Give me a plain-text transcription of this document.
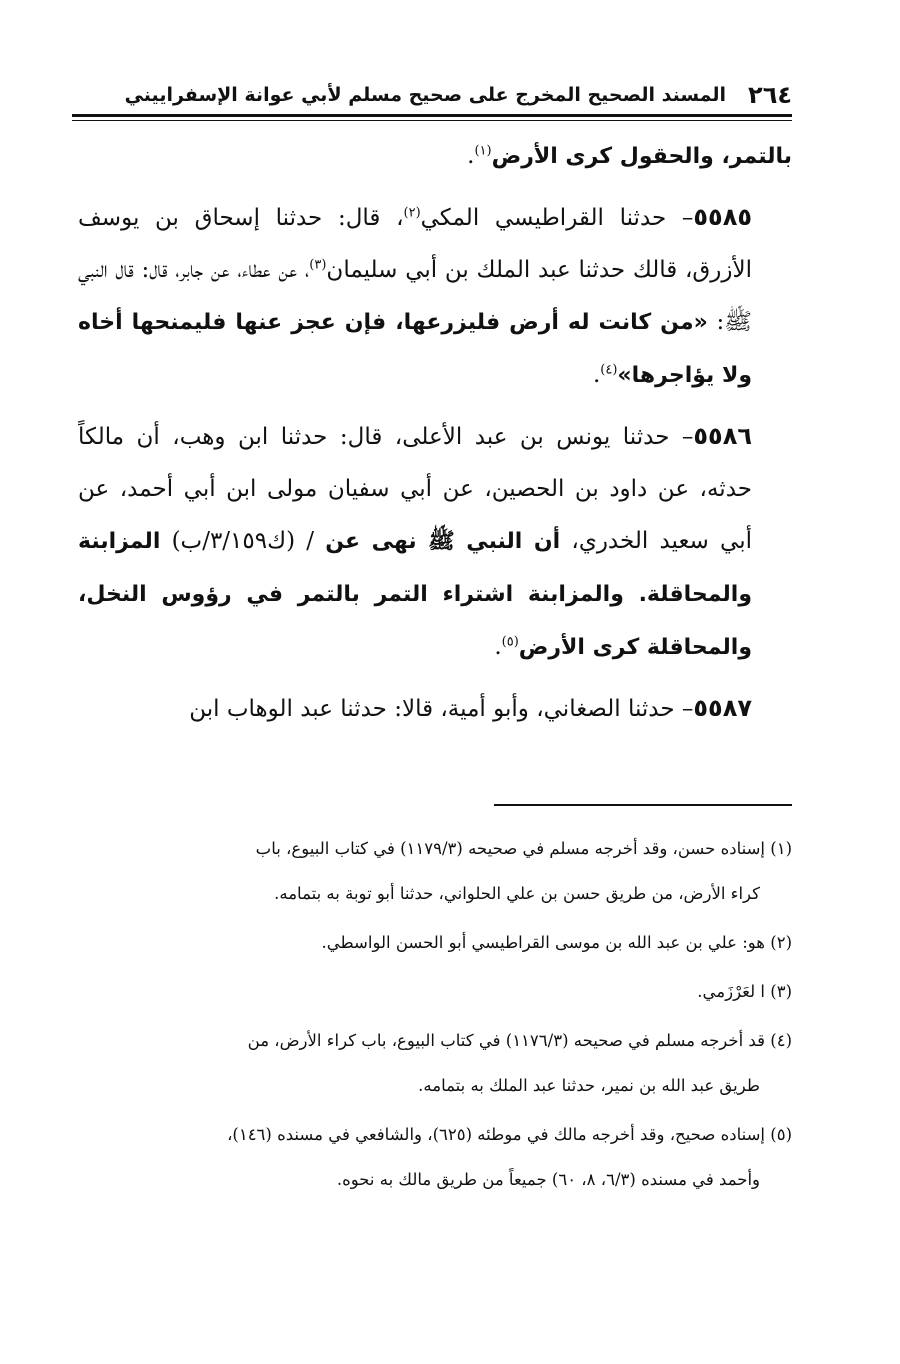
٢٦٤
المسند الصحيح المخرج على صحيح مسلم لأبي عوانة الإسفراييني

بالتمر، والحقول كرى الأرض$^{(١)}$.

٥٥٨٥– حدثنا القراطيسي المكي$^{(٢)}$، قال: حدثنا إسحاق بن يوسف الأزرق، قالك حدثنا عبد الملك بن أبي سليمان$^{(٣)}$، عن عطاء، عن جابر، قال: قال النبي ﷺ: «من كانت له أرض فليزرعها، فإن عجز عنها فليمنحها أخاه ولا يؤاجرها»$^{(٤)}$.

٥٥٨٦– حدثنا يونس بن عبد الأعلى، قال: حدثنا ابن وهب، أن مالكاً حدثه، عن داود بن الحصين، عن أبي سفيان مولى ابن أبي أحمد، عن أبي سعيد الخدري، أن النبي ﷺ نهى عن / (ك٣/١٥٩/ب) المزابنة والمحاقلة. والمزابنة اشتراء التمر بالتمر في رؤوس النخل، والمحاقلة كرى الأرض$^{(٥)}$.

٥٥٨٧– حدثنا الصغاني، وأبو أمية، قالا: حدثنا عبد الوهاب ابن

(١) إسناده حسن، وقد أخرجه مسلم في صحيحه (١١٧٩/٣) في كتاب البيوع، باب
كراء الأرض، من طريق حسن بن علي الحلواني، حدثنا أبو توبة به بتمامه.
(٢) هو: علي بن عبد الله بن موسى القراطيسي أبو الحسن الواسطي.
(٣) ا لعَرْزَمي.
(٤) قد أخرجه مسلم في صحيحه (١١٧٦/٣) في كتاب البيوع، باب كراء الأرض، من
طريق عبد الله بن نمير، حدثنا عبد الملك به بتمامه.
(٥) إسناده صحيح، وقد أخرجه مالك في موطئه (٦٢٥)، والشافعي في مسنده (١٤٦)،
وأحمد في مسنده (٦/٣، ٨، ٦٠) جميعاً من طريق مالك به نحوه.
